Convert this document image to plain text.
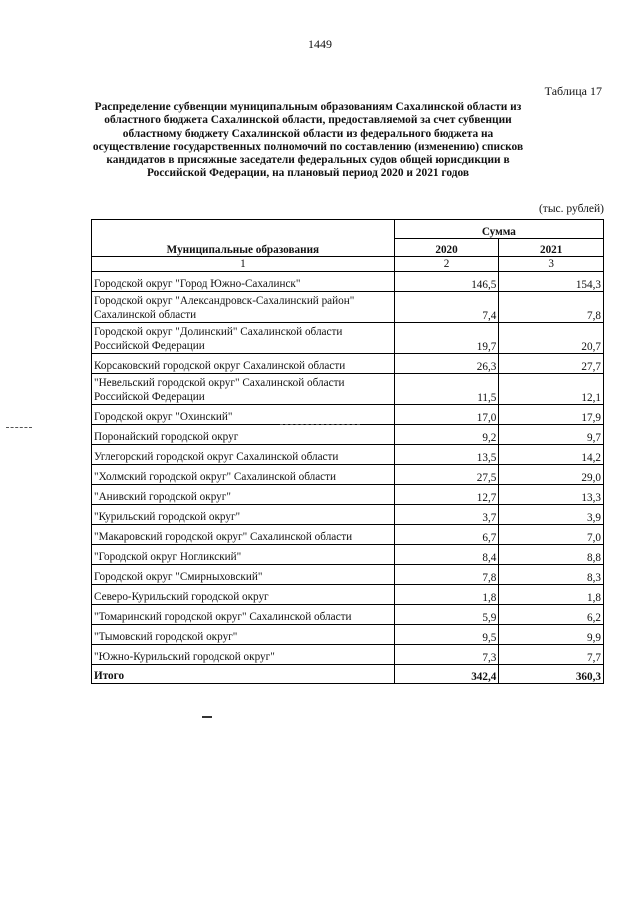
1449
Таблица 17
Распределение субвенции муниципальным образованиям Сахалинской области из областного бюджета Сахалинской области, предоставляемой за счет субвенции областному бюджету Сахалинской области из федерального бюджета на осуществление государственных полномочий по составлению (изменению) списков кандидатов в присяжные заседатели федеральных судов общей юрисдикции в Российской Федерации, на плановый период 2020 и 2021 годов
(тыс. рублей)
Муниципальные образования	Сумма	
	2020	2021
1	2	3
Городской округ "Город Южно-Сахалинск"	146,5	154,3
Городской округ "Александровск-Сахалинский район" Сахалинской области	7,4	7,8
Городской округ "Долинский" Сахалинской области Российской Федерации	19,7	20,7
Корсаковский городской округ Сахалинской области	26,3	27,7
"Невельский городской округ" Сахалинской области Российской Федерации	11,5	12,1
Городской округ "Охинский"	17,0	17,9
Поронайский городской округ	9,2	9,7
Углегорский городской округ Сахалинской области	13,5	14,2
"Холмский городской округ" Сахалинской области	27,5	29,0
"Анивский городской округ"	12,7	13,3
"Курильский городской округ"	3,7	3,9
"Макаровский городской округ" Сахалинской области	6,7	7,0
"Городской округ Ногликский"	8,4	8,8
Городской округ "Смирныховский"	7,8	8,3
Северо-Курильский городской округ	1,8	1,8
"Томаринский городской округ" Сахалинской области	5,9	6,2
"Тымовский городской округ"	9,5	9,9
"Южно-Курильский городской округ"	7,3	7,7
Итого	342,4	360,3
